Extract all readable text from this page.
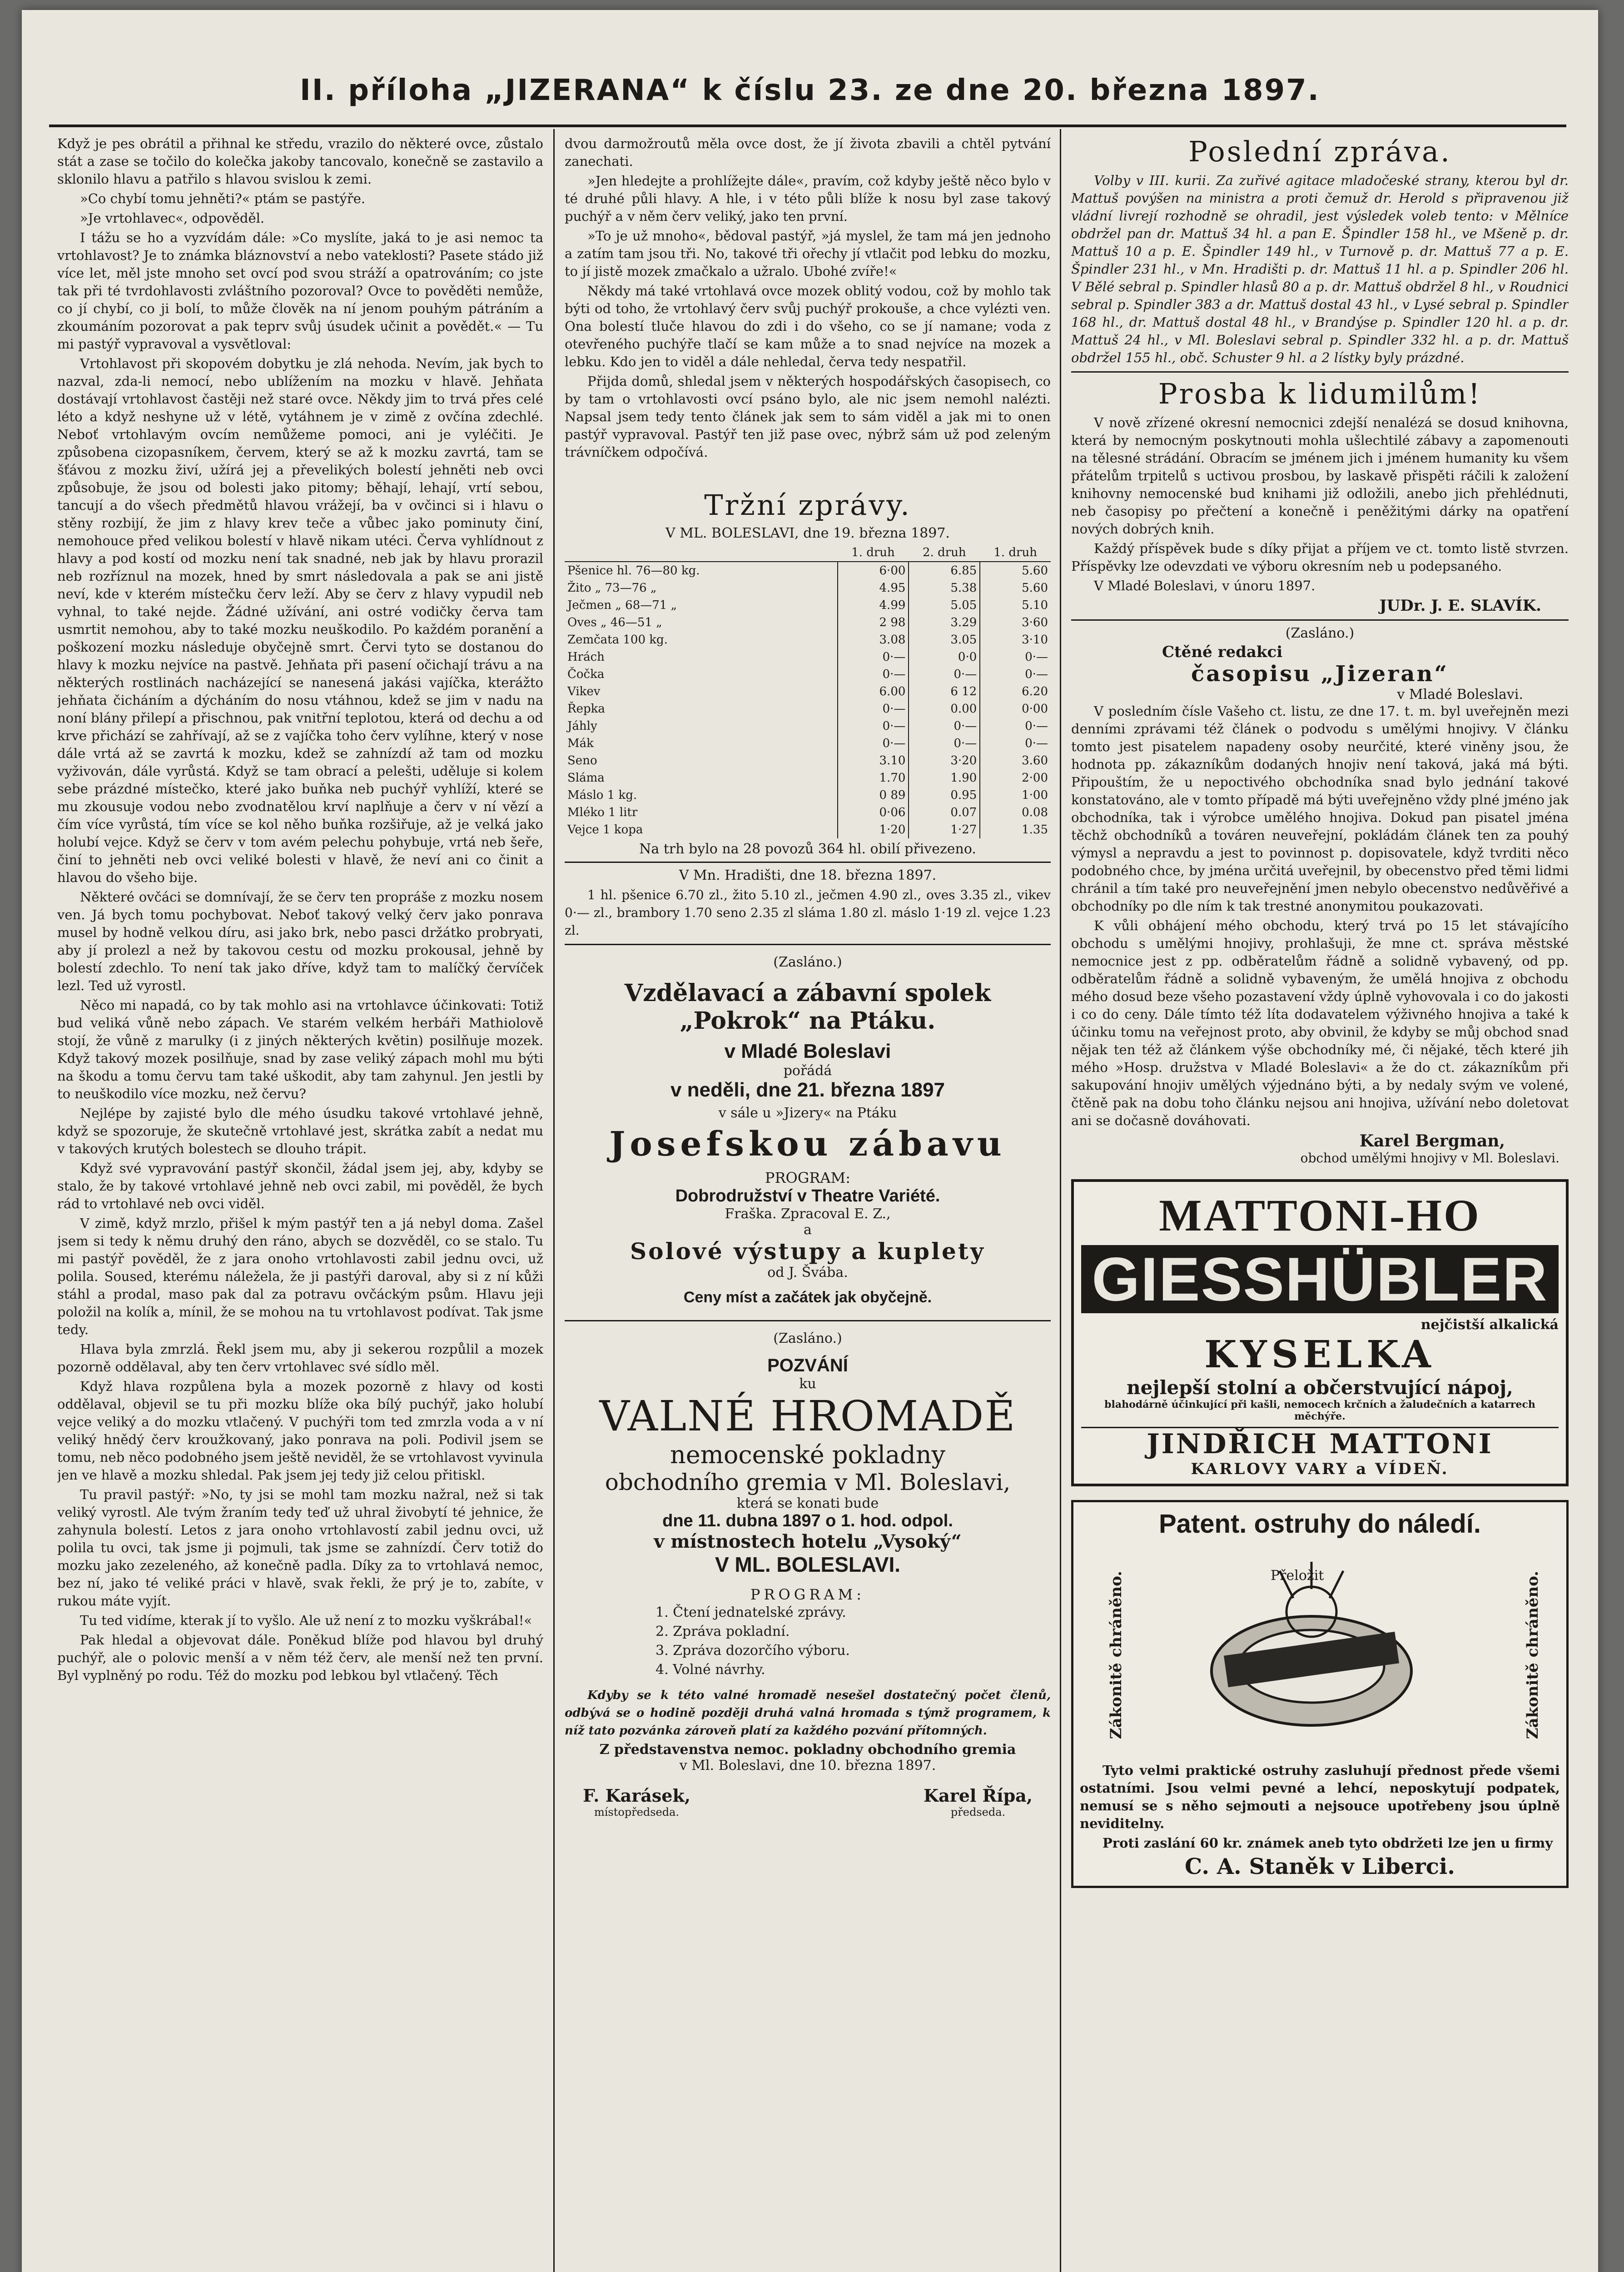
II. příloha „JIZERANA“ k číslu 23. ze dne 20. března 1897.

Když je pes obrátil a přihnal ke středu, vrazilo do některé ovce, zůstalo stát a zase se točilo do kolečka jakoby tancovalo, konečně se zastavilo a sklonilo hlavu a patřilo s hlavou svislou k zemi.

»Co chybí tomu jehněti?« ptám se pastýře.

»Je vrtohlavec«, odpověděl.

I tážu se ho a vyzvídám dále: »Co myslíte, jaká to je asi nemoc ta vrtohlavost? Je to známka bláznovství a nebo vateklosti? Pasete stádo již více let, měl jste mnoho set ovcí pod svou stráží a opatrováním; co jste tak při té tvrdohlavosti zvláštního pozoroval? Ovce to pověděti nemůže, co jí chybí, co ji bolí, to může člověk na ní jenom pouhým pátráním a zkoumáním pozorovat a pak teprv svůj úsudek učinit a povědět.« — Tu mi pastýř vypravoval a vysvětloval:

Vrtohlavost při skopovém dobytku je zlá nehoda. Nevím, jak bych to nazval, zda-li nemocí, nebo ublížením na mozku v hlavě. Jehňata dostávají vrtohlavost častěji než staré ovce. Někdy jim to trvá přes celé léto a když neshyne už v létě, vytáhnem je v zimě z ovčína zdechlé. Neboť vrtohlavým ovcím nemůžeme pomoci, ani je vyléčiti. Je způsobena cizopasníkem, červem, který se až k mozku zavrtá, tam se šťávou z mozku živí, užírá jej a převelikých bolestí jehněti neb ovci způsobuje, že jsou od bolesti jako pitomy; běhají, lehají, vrtí sebou, tancují a do všech předmětů hlavou vrážejí, ba v ovčinci si i hlavu o stěny rozbijí, že jim z hlavy krev teče a vůbec jako pominuty činí, nemohouce před velikou bolestí v hlavě nikam utéci. Červa vyhlídnout z hlavy a pod kostí od mozku není tak snadné, neb jak by hlavu prorazil neb rozříznul na mozek, hned by smrt následovala a pak se ani jistě neví, kde v kterém místečku červ leží. Aby se červ z hlavy vypudil neb vyhnal, to také nejde. Žádné užívání, ani ostré vodičky červa tam usmrtit nemohou, aby to také mozku neuškodilo. Po každém poranění a poškození mozku následuje obyčejně smrt. Červi tyto se dostanou do hlavy k mozku nejvíce na pastvě. Jehňata při pasení očichají trávu a na některých rostlinách nacházející se nanesená jakási vajíčka, kterážto jehňata čicháním a dýcháním do nosu vtáhnou, kdež se jim v nadu na noní blány přilepí a přischnou, pak vnitřní teplotou, která od dechu a od krve přichází se zahřívají, až se z vajíčka toho červ vylíhne, který v nose dále vrtá až se zavrtá k mozku, kdež se zahnízdí až tam od mozku vyživován, dále vyrůstá. Když se tam obrací a pelešti, uděluje si kolem sebe prázdné místečko, které jako buňka neb puchýř vyhlíží, které se mu zkousuje vodou nebo zvodnatělou krví naplňuje a červ v ní vězí a čím více vyrůstá, tím více se kol něho buňka rozšiřuje, až je velká jako holubí vejce. Když se červ v tom avém pelechu pohybuje, vrtá neb šeře, činí to jehněti neb ovci veliké bolesti v hlavě, že neví ani co činit a hlavou do všeho bije.

Některé ovčáci se domnívají, že se červ ten propráše z mozku nosem ven. Já bych tomu pochybovat. Neboť takový velký červ jako ponrava musel by hodně velkou díru, asi jako brk, nebo pasci držátko probryati, aby jí prolezl a než by takovou cestu od mozku prokousal, jehně by bolestí zdechlo. To není tak jako dříve, když tam to malíčký červíček lezl. Ted už vyrostl.

Něco mi napadá, co by tak mohlo asi na vrtohlavce účinkovati: Totiž bud veliká vůně nebo zápach. Ve starém velkém herbáři Mathiolově stojí, že vůně z marulky (i z jiných některých květin) posilňuje mozek. Když takový mozek posilňuje, snad by zase veliký zápach mohl mu býti na škodu a tomu červu tam také uškodit, aby tam zahynul. Jen jestli by to neuškodilo více mozku, než červu?

Nejlépe by zajisté bylo dle mého úsudku takové vrtohlavé jehně, když se spozoruje, že skutečně vrtohlavé jest, skrátka zabít a nedat mu v takových krutých bolestech se dlouho trápit.

Když své vypravování pastýř skončil, žádal jsem jej, aby, kdyby se stalo, že by takové vrtohlavé jehně neb ovci zabil, mi pověděl, že bych rád to vrtohlavé neb ovci viděl.

V zimě, když mrzlo, přišel k mým pastýř ten a já nebyl doma. Zašel jsem si tedy k němu druhý den ráno, abych se dozvěděl, co se stalo. Tu mi pastýř pověděl, že z jara onoho vrtohlavosti zabil jednu ovci, už polila. Soused, kterému náležela, že ji pastýři daroval, aby si z ní kůži stáhl a prodal, maso pak dal za potravu ovčáckým psům. Hlavu jeji položil na kolík a, mínil, že se mohou na tu vrtohlavost podívat. Tak jsme tedy.

Hlava byla zmrzlá. Řekl jsem mu, aby ji sekerou rozpůlil a mozek pozorně oddělaval, aby ten červ vrtohlavec své sídlo měl.

Když hlava rozpůlena byla a mozek pozorně z hlavy od kosti oddělaval, objevil se tu při mozku blíže oka bílý puchýř, jako holubí vejce veliký a do mozku vtlačený. V puchýři tom ted zmrzla voda a v ní veliký hnědý červ kroužkovaný, jako ponrava na poli. Podivil jsem se tomu, neb něco podobného jsem ještě neviděl, že se vrtohlavost vyvinula jen ve hlavě a mozku shledal. Pak jsem jej tedy již celou přitiskl.

Tu pravil pastýř: »No, ty jsi se mohl tam mozku nažral, než si tak veliký vyrostl. Ale tvým žraním tedy teď už uhral živobytí té jehnice, že zahynula bolestí. Letos z jara onoho vrtohlavostí zabil jednu ovci, už polila tu ovci, tak jsme ji pojmuli, tak jsme se zahnízdí. Červ totiž do mozku jako zezeleného, až konečně padla. Díky za to vrtohlavá nemoc, bez ní, jako té veliké práci v hlavě, svak řekli, že prý je to, zabíte, v rukou máte vyjít.

Tu ted vidíme, kterak jí to vyšlo. Ale už není z to mozku vyškrábal!«

Pak hledal a objevovat dále. Poněkud blíže pod hlavou byl druhý puchýř, ale o polovic menší a v něm též červ, ale menší než ten první. Byl vyplněný po rodu. Též do mozku pod lebkou byl vtlačený. Těch

dvou darmožroutů měla ovce dost, že jí života zbavili a chtěl pytvání zanechati.

»Jen hledejte a prohlížejte dále«, pravím, což kdyby ještě něco bylo v té druhé půli hlavy. A hle, i v této půli blíže k nosu byl zase takový puchýř a v něm červ veliký, jako ten první.

»To je už mnoho«, bědoval pastýř, »já myslel, že tam má jen jednoho a zatím tam jsou tři. No, takové tři ořechy jí vtlačit pod lebku do mozku, to jí jistě mozek zmačkalo a užralo. Ubohé zvíře!«

Někdy má také vrtohlavá ovce mozek oblitý vodou, což by mohlo tak býti od toho, že vrtohlavý červ svůj puchýř prokouše, a chce vylézti ven. Ona bolestí tluče hlavou do zdi i do všeho, co se jí namane; voda z otevřeného puchýře tlačí se kam může a to snad nejvíce na mozek a lebku. Kdo jen to viděl a dále nehledal, červa tedy nespatřil.

Přijda domů, shledal jsem v některých hospodářských časopisech, co by tam o vrtohlavosti ovcí psáno bylo, ale nic jsem nemohl nalézti. Napsal jsem tedy tento článek jak sem to sám viděl a jak mi to onen pastýř vypravoval. Pastýř ten již pase ovec, nýbrž sám už pod zeleným trávníčkem odpočívá.

Tržní zprávy.
V ML. BOLESLAVI, dne 19. března 1897.
	1. druh	2. druh	1. druh
Pšenice hl. 76—80 kg.	6·00	6.85	5.60
Žito „ 73—76 „	4.95	5.38	5.60
Ječmen „ 68—71 „	4.99	5.05	5.10
Oves „ 46—51 „	2 98	3.29	3·60
Zemčata 100 kg.	3.08	3.05	3·10
Hrách	0·—	0·0	0·—
Čočka	0·—	0·—	0·—
Vikev	6.00	6 12	6.20
Řepka	0·—	0.00	0·00
Jáhly	0·—	0·—	0·—
Mák	0·—	0·—	0·—
Seno	3.10	3·20	3.60
Sláma	1.70	1.90	2·00
Máslo 1 kg.	0 89	0.95	1·00
Mléko 1 litr	0·06	0.07	0.08
Vejce 1 kopa	1·20	1·27	1.35
Na trh bylo na 28 povozů 364 hl. obilí přivezeno.
V Mn. Hradišti, dne 18. března 1897.

1 hl. pšenice 6.70 zl., žito 5.10 zl., ječmen 4.90 zl., oves 3.35 zl., vikev 0·— zl., brambory 1.70 seno 2.35 zl sláma 1.80 zl. máslo 1·19 zl. vejce 1.23 zl.

(Zasláno.)
Vzdělavací a zábavní spolek „Pokrok“ na Ptáku.
v Mladé Boleslavi
pořádá
v neděli, dne 21. března 1897
v sále u »Jizery« na Ptáku
Josefskou zábavu
PROGRAM:
Dobrodružství v Theatre Variété.
Fraška. Zpracoval E. Z.,
a
Solové výstupy a kuplety
od J. Švába.
Ceny míst a začátek jak obyčejně.
(Zasláno.)
POZVÁNÍ
ku
VALNÉ HROMADĚ
nemocenské pokladny
obchodního gremia v Ml. Boleslavi,
která se konati bude
dne 11. dubna 1897 o 1. hod. odpol.
v místnostech hotelu „Vysoký“
V ML. BOLESLAVI.
PROGRAM:
1. Čtení jednatelské zprávy.
2. Zpráva pokladní.
3. Zpráva dozorčího výboru.
4. Volné návrhy.

Kdyby se k této valné hromadě nesešel dostatečný počet členů, odbývá se o hodině později druhá valná hromada s týmž programem, k níž tato pozvánka zároveň platí za každého pozvání přítomných.

Z představenstva nemoc. pokladny obchodního gremia
v Ml. Boleslavi, dne 10. března 1897.
F. Karásek,
místopředseda.
Karel Řípa,
předseda.
Poslední zpráva.

Volby v III. kurii. Za zuřivé agitace mladočeské strany, kterou byl dr. Mattuš povýšen na ministra a proti čemuž dr. Herold s připravenou již vládní livrejí rozhodně se ohradil, jest výsledek voleb tento: v Mělníce obdržel pan dr. Mattuš 34 hl. a pan E. Špindler 158 hl., ve Mšeně p. dr. Mattuš 10 a p. E. Špindler 149 hl., v Turnově p. dr. Mattuš 77 a p. E. Špindler 231 hl., v Mn. Hradišti p. dr. Mattuš 11 hl. a p. Spindler 206 hl. V Bělé sebral p. Spindler hlasů 80 a p. dr. Mattuš obdržel 8 hl., v Roudnici sebral p. Spindler 383 a dr. Mattuš dostal 43 hl., v Lysé sebral p. Spindler 168 hl., dr. Mattuš dostal 48 hl., v Brandýse p. Spindler 120 hl. a p. dr. Mattuš 24 hl., v Ml. Boleslavi sebral p. Spindler 332 hl. a p. dr. Mattuš obdržel 155 hl., obč. Schuster 9 hl. a 2 lístky byly prázdné.

Prosba k lidumilům!

V nově zřízené okresní nemocnici zdejší nenalézá se dosud knihovna, která by nemocným poskytnouti mohla ušlechtilé zábavy a zapomenouti na tělesné strádání. Obracím se jménem jich i jménem humanity ku všem přátelům trpitelů s uctivou prosbou, by laskavě přispěti ráčili k založení knihovny nemocenské bud knihami již odložili, anebo jich přehlédnuti, neb časopisy po přečtení a konečně i peněžitými dárky na opatření nových dobrých knih.

Každý příspěvek bude s díky přijat a příjem ve ct. tomto listě stvrzen. Příspěvky lze odevzdati ve výboru okresním neb u podepsaného.

V Mladé Boleslavi, v únoru 1897.

JUDr. J. E. SLAVÍK.
(Zasláno.)
Ctěné redakci
časopisu „Jizeran“
v Mladé Boleslavi.

V posledním čísle Vašeho ct. listu, ze dne 17. t. m. byl uveřejněn mezi denními zprávami též článek o podvodu s umělými hnojivy. V článku tomto jest pisatelem napadeny osoby neurčité, které viněny jsou, že hodnota pp. zákazníkům dodaných hnojiv není taková, jaká má býti. Připouštím, že u nepoctivého obchodníka snad bylo jednání takové konstatováno, ale v tomto případě má býti uveřejněno vždy plné jméno jak obchodníka, tak i výrobce umělého hnojiva. Dokud pan pisatel jména těchž obchodníků a továren neuveřejní, pokládám článek ten za pouhý výmysl a nepravdu a jest to povinnost p. dopisovatele, když tvrditi něco podobného chce, by jména určitá uveřejnil, by obecenstvo před těmi lidmi chránil a tím také pro neuveřejnění jmen nebylo obecenstvo nedůvěřivé a obchodníky po dle ním k tak trestné anonymitou poukazovati.

K vůli obhájení mého obchodu, který trvá po 15 let stávajícího obchodu s umělými hnojivy, prohlašuji, že mne ct. správa městské nemocnice jest z pp. odběratelům řádně a solidně vybavený, od pp. odběratelům řádně a solidně vybaveným, že umělá hnojiva z obchodu mého dosud beze všeho pozastavení vždy úplně vyhovovala i co do jakosti i co do ceny. Dále tímto též líta dodavatelem výživného hnojiva a také k účinku tomu na veřejnost proto, aby obvinil, že kdyby se můj obchod snad nějak ten též až článkem výše obchodníky mé, či nějaké, těch které jih mého »Hosp. družstva v Mladé Boleslavi« a že do ct. zákazníkům při sakupování hnojiv umělých výjednáno býti, a by nedaly svým ve volené, čtěně pak na dobu toho článku nejsou ani hnojiva, užívání nebo doletovat ani se dočasně dováhovati.

Karel Bergman,
obchod umělými hnojivy v Ml. Boleslavi.
MATTONI-HO
GIESSHÜBLER
nejčistší alkalická
KYSELKA
nejlepší stolní a občerstvující nápoj,
blahodárně účinkující při kašli, nemocech krčních a žaludečních a katarrech měchýře.
JINDŘICH MATTONI
KARLOVY VARY a VÍDEŇ.
Patent. ostruhy do náledí.
Zákonitě chráněno.	Přeložit	Zákonitě chráněno.

Tyto velmi praktické ostruhy zasluhují přednost přede všemi ostatními. Jsou velmi pevné a lehcí, neposkytují podpatek, nemusí se s něho sejmouti a nejsouce upotřebeny jsou úplně neviditelny.

Proti zaslání 60 kr. známek aneb tyto obdržeti lze jen u firmy

C. A. Staněk v Liberci.
